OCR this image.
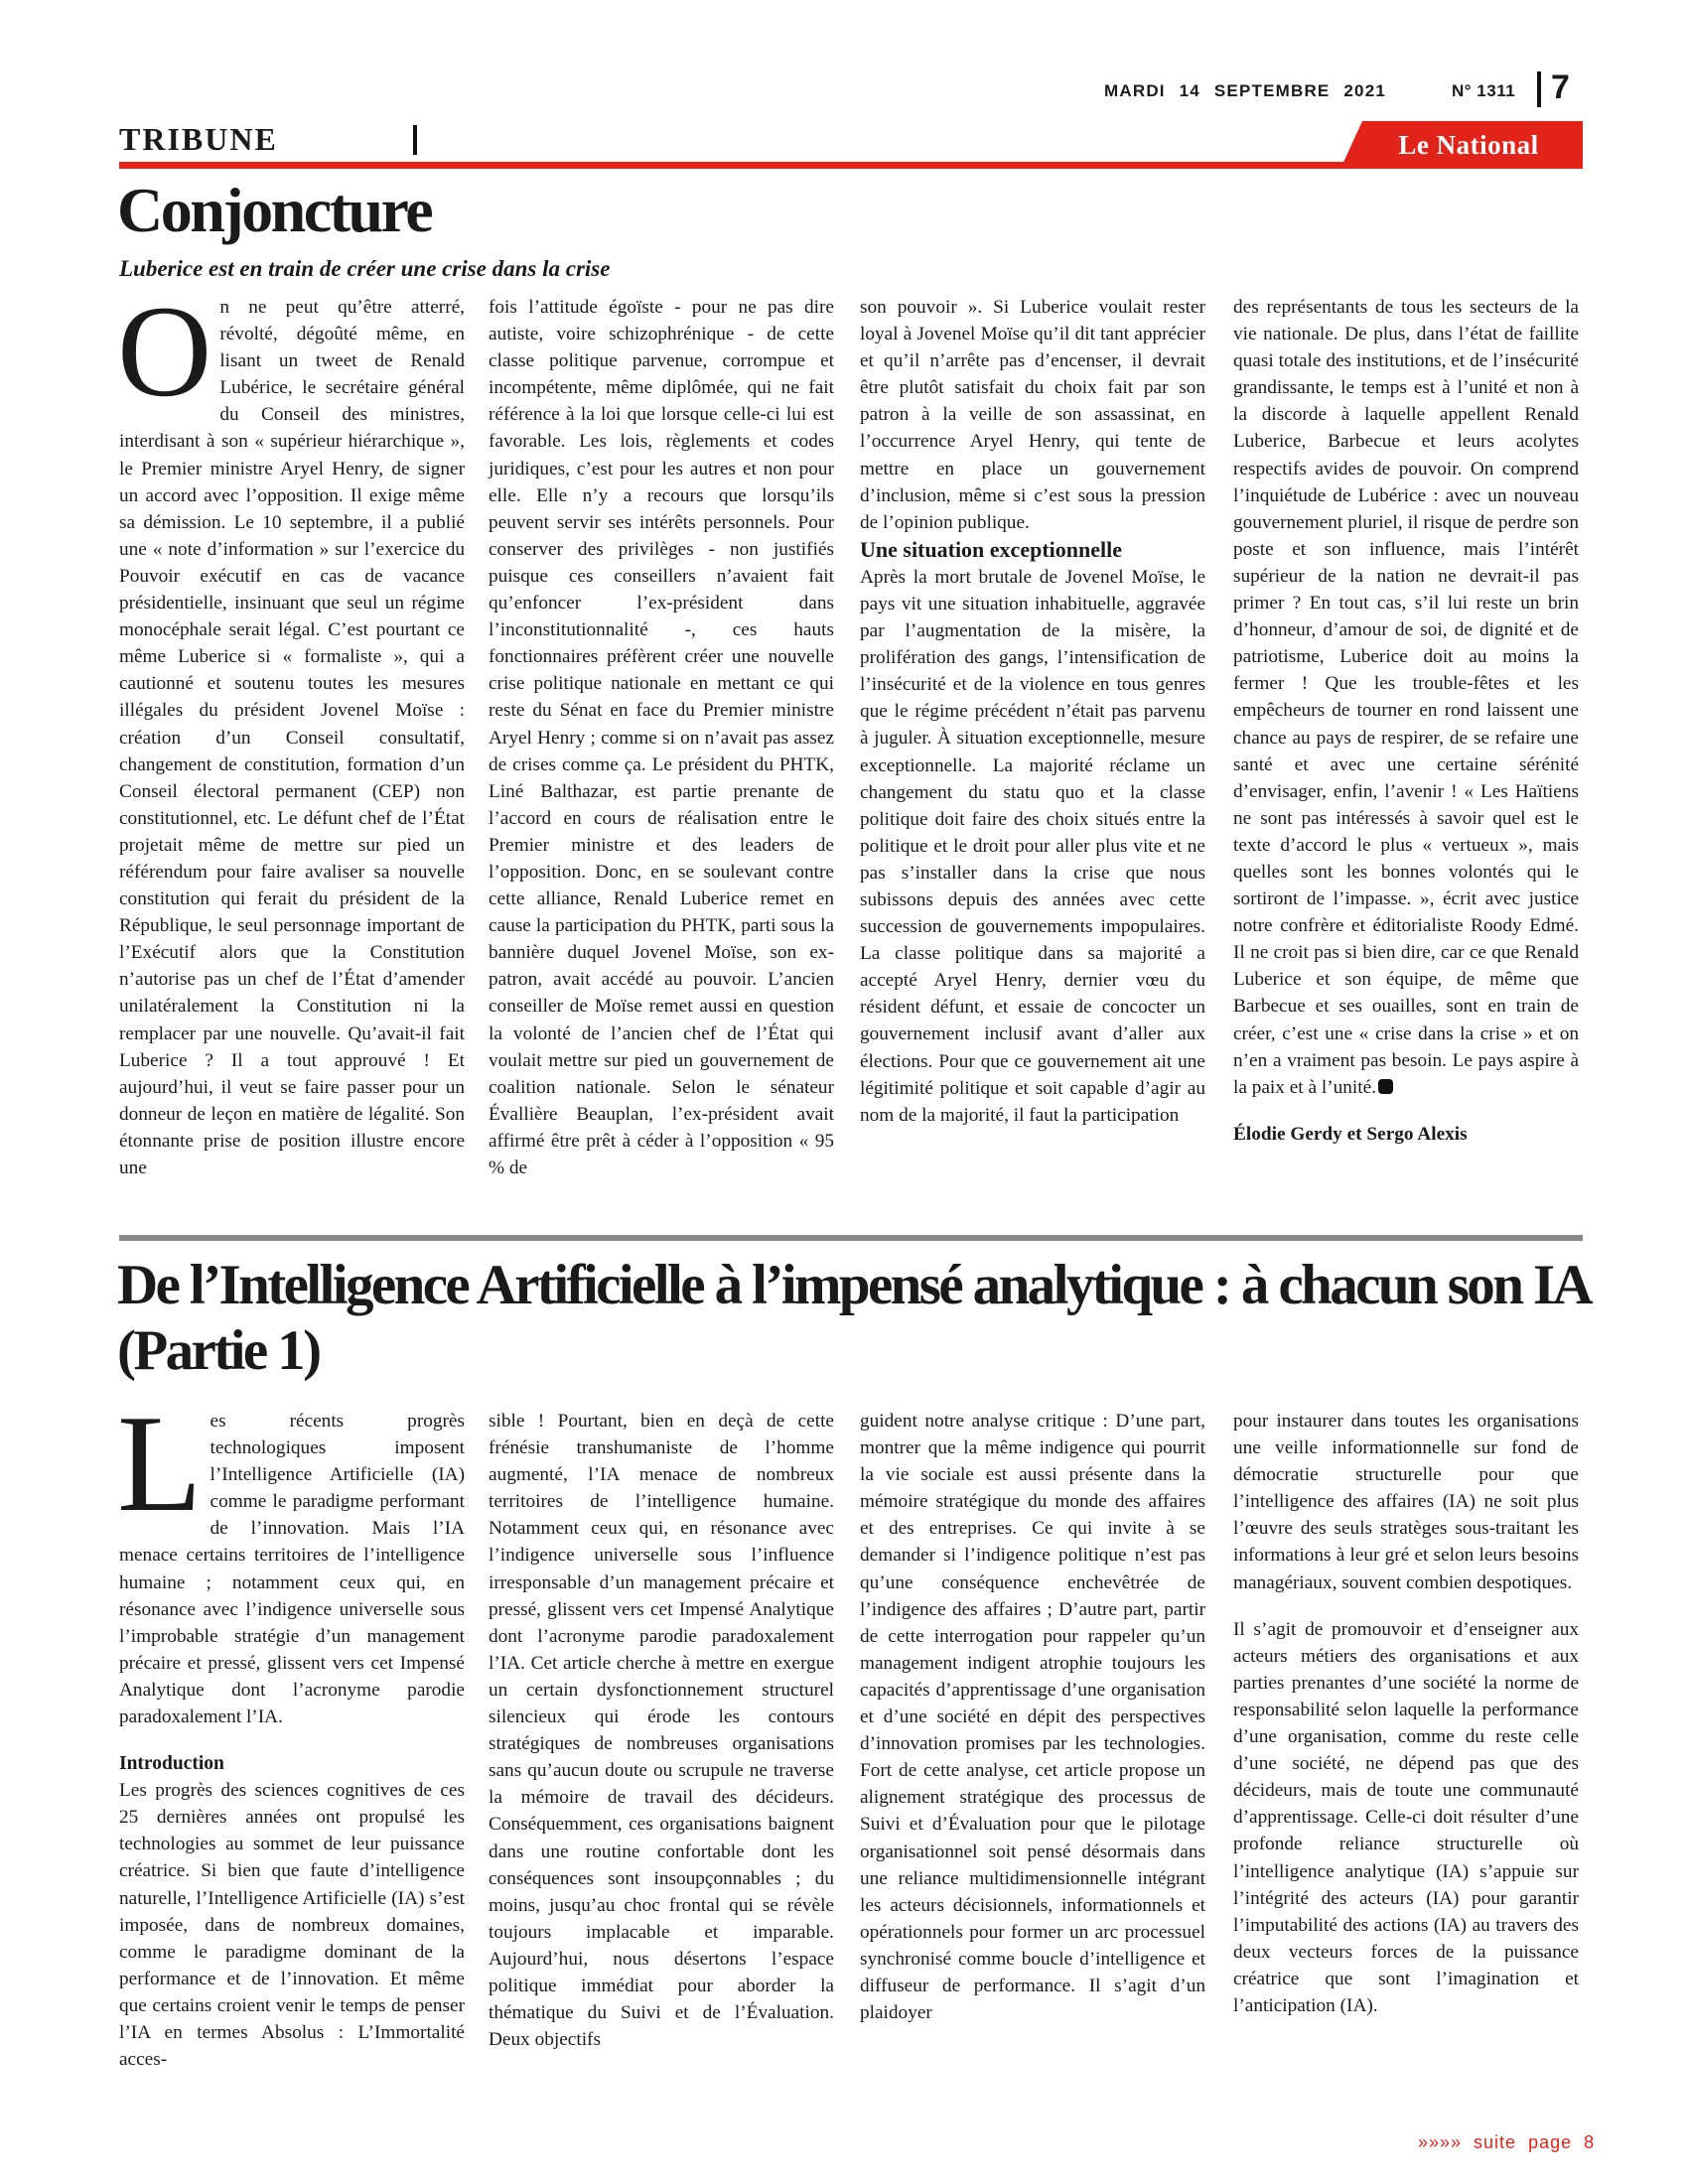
MARDI 14 SEPTEMBRE 2021	N° 1311 7
TRIBUNE	Le National
Conjoncture
Luberice est en train de créer une crise dans la crise
O n ne peut qu’être atterré, révolté, dégoûté même, en lisant un tweet de Renald Lubérice, le secrétaire général du Conseil des ministres, interdisant à son « supérieur hiérarchique », le Premier ministre Aryel Henry, de signer un accord avec l’opposition. Il exige même sa démission. Le 10 septembre, il a publié une « note d’information » sur l’exercice du Pouvoir exécutif en cas de vacance présidentielle, insinuant que seul un régime monocéphale serait légal. C’est pourtant ce même Luberice si « formaliste », qui a cautionné et soutenu toutes les mesures illégales du président Jovenel Moïse : création d’un Conseil consultatif, changement de constitution, formation d’un Conseil électoral permanent (CEP) non constitutionnel, etc. Le défunt chef de l’État projetait même de mettre sur pied un référendum pour faire avaliser sa nouvelle constitution qui ferait du président de la République, le seul personnage important de l’Exécutif alors que la Constitution n’autorise pas un chef de l’État d’amender unilatéralement la Constitution ni la remplacer par une nouvelle. Qu’avait-il fait Luberice ? Il a tout approuvé ! Et aujourd’hui, il veut se faire passer pour un donneur de leçon en matière de légalité. Son étonnante prise de position illustre encore une

fois l’attitude égoïste - pour ne pas dire autiste, voire schizophrénique - de cette classe politique parvenue, corrompue et incompétente, même diplômée, qui ne fait référence à la loi que lorsque celle-ci lui est favorable. Les lois, règlements et codes juridiques, c’est pour les autres et non pour elle. Elle n’y a recours que lorsqu’ils peuvent servir ses intérêts personnels. Pour conserver des privilèges - non justifiés puisque ces conseillers n’avaient fait qu’enfoncer l’ex-président dans l’inconstitutionnalité -, ces hauts fonctionnaires préfèrent créer une nouvelle crise politique nationale en mettant ce qui reste du Sénat en face du Premier ministre Aryel Henry ; comme si on n’avait pas assez de crises comme ça. Le président du PHTK, Liné Balthazar, est partie prenante de l’accord en cours de réalisation entre le Premier ministre et des leaders de l’opposition. Donc, en se soulevant contre cette alliance, Renald Luberice remet en cause la participation du PHTK, parti sous la bannière duquel Jovenel Moïse, son ex-patron, avait accédé au pouvoir. L’ancien conseiller de Moïse remet aussi en question la volonté de l’ancien chef de l’État qui voulait mettre sur pied un gouvernement de coalition nationale. Selon le sénateur Évallière Beauplan, l’ex-président avait affirmé être prêt à céder à l’opposition « 95 % de

son pouvoir ». Si Luberice voulait rester loyal à Jovenel Moïse qu’il dit tant apprécier et qu’il n’arrête pas d’encenser, il devrait être plutôt satisfait du choix fait par son patron à la veille de son assassinat, en l’occurrence Aryel Henry, qui tente de mettre en place un gouvernement d’inclusion, même si c’est sous la pression de l’opinion publique.

Une situation exceptionnelle

Après la mort brutale de Jovenel Moïse, le pays vit une situation inhabituelle, aggravée par l’augmentation de la misère, la prolifération des gangs, l’intensification de l’insécurité et de la violence en tous genres que le régime précédent n’était pas parvenu à juguler. À situation exceptionnelle, mesure exceptionnelle. La majorité réclame un changement du statu quo et la classe politique doit faire des choix situés entre la politique et le droit pour aller plus vite et ne pas s’installer dans la crise que nous subissons depuis des années avec cette succession de gouvernements impopulaires. La classe politique dans sa majorité a accepté Aryel Henry, dernier vœu du résident défunt, et essaie de concocter un gouvernement inclusif avant d’aller aux élections. Pour que ce gouvernement ait une légitimité politique et soit capable d’agir au nom de la majorité, il faut la participation

des représentants de tous les secteurs de la vie nationale. De plus, dans l’état de faillite quasi totale des institutions, et de l’insécurité grandissante, le temps est à l’unité et non à la discorde à laquelle appellent Renald Luberice, Barbecue et leurs acolytes respectifs avides de pouvoir. On comprend l’inquiétude de Lubérice : avec un nouveau gouvernement pluriel, il risque de perdre son poste et son influence, mais l’intérêt supérieur de la nation ne devrait-il pas primer ? En tout cas, s’il lui reste un brin d’honneur, d’amour de soi, de dignité et de patriotisme, Luberice doit au moins la fermer ! Que les trouble-fêtes et les empêcheurs de tourner en rond laissent une chance au pays de respirer, de se refaire une santé et avec une certaine sérénité d’envisager, enfin, l’avenir ! « Les Haïtiens ne sont pas intéressés à savoir quel est le texte d’accord le plus « vertueux », mais quelles sont les bonnes volontés qui le sortiront de l’impasse. », écrit avec justice notre confrère et éditorialiste Roody Edmé. Il ne croit pas si bien dire, car ce que Renald Luberice et son équipe, de même que Barbecue et ses ouailles, sont en train de créer, c’est une « crise dans la crise » et on n’en a vraiment pas besoin. Le pays aspire à la paix et à l’unité.

Élodie Gerdy et Sergo Alexis

De l’Intelligence Artificielle à l’impensé analytique : à chacun son IA (Partie 1)
L es récents progrès technologiques imposent l’Intelligence Artificielle (IA) comme le paradigme performant de l’innovation. Mais l’IA menace certains territoires de l’intelligence humaine ; notamment ceux qui, en résonance avec l’indigence universelle sous l’improbable stratégie d’un management précaire et pressé, glissent vers cet Impensé Analytique dont l’acronyme parodie paradoxalement l’IA.

Introduction

Les progrès des sciences cognitives de ces 25 dernières années ont propulsé les technologies au sommet de leur puissance créatrice. Si bien que faute d’intelligence naturelle, l’Intelligence Artificielle (IA) s’est imposée, dans de nombreux domaines, comme le paradigme dominant de la performance et de l’innovation. Et même que certains croient venir le temps de penser l’IA en termes Absolus : L’Immortalité acces-

sible ! Pourtant, bien en deçà de cette frénésie transhumaniste de l’homme augmenté, l’IA menace de nombreux territoires de l’intelligence humaine. Notamment ceux qui, en résonance avec l’indigence universelle sous l’influence irresponsable d’un management précaire et pressé, glissent vers cet Impensé Analytique dont l’acronyme parodie paradoxalement l’IA. Cet article cherche à mettre en exergue un certain dysfonctionnement structurel silencieux qui érode les contours stratégiques de nombreuses organisations sans qu’aucun doute ou scrupule ne traverse la mémoire de travail des décideurs. Conséquemment, ces organisations baignent dans une routine confortable dont les conséquences sont insoupçonnables ; du moins, jusqu’au choc frontal qui se révèle toujours implacable et imparable. Aujourd’hui, nous désertons l’espace politique immédiat pour aborder la thématique du Suivi et de l’Évaluation. Deux objectifs

guident notre analyse critique : D’une part, montrer que la même indigence qui pourrit la vie sociale est aussi présente dans la mémoire stratégique du monde des affaires et des entreprises. Ce qui invite à se demander si l’indigence politique n’est pas qu’une conséquence enchevêtrée de l’indigence des affaires ; D’autre part, partir de cette interrogation pour rappeler qu’un management indigent atrophie toujours les capacités d’apprentissage d’une organisation et d’une société en dépit des perspectives d’innovation promises par les technologies. Fort de cette analyse, cet article propose un alignement stratégique des processus de Suivi et d’Évaluation pour que le pilotage organisationnel soit pensé désormais dans une reliance multidimensionnelle intégrant les acteurs décisionnels, informationnels et opérationnels pour former un arc processuel synchronisé comme boucle d’intelligence et diffuseur de performance. Il s’agit d’un plaidoyer

pour instaurer dans toutes les organisations une veille informationnelle sur fond de démocratie structurelle pour que l’intelligence des affaires (IA) ne soit plus l’œuvre des seuls stratèges sous-traitant les informations à leur gré et selon leurs besoins managériaux, souvent combien despotiques.

Il s’agit de promouvoir et d’enseigner aux acteurs métiers des organisations et aux parties prenantes d’une société la norme de responsabilité selon laquelle la performance d’une organisation, comme du reste celle d’une société, ne dépend pas que des décideurs, mais de toute une communauté d’apprentissage. Celle-ci doit résulter d’une profonde reliance structurelle où l’intelligence analytique (IA) s’appuie sur l’intégrité des acteurs (IA) pour garantir l’imputabilité des actions (IA) au travers des deux vecteurs forces de la puissance créatrice que sont l’imagination et l’anticipation (IA).

»»»» suite page 8
